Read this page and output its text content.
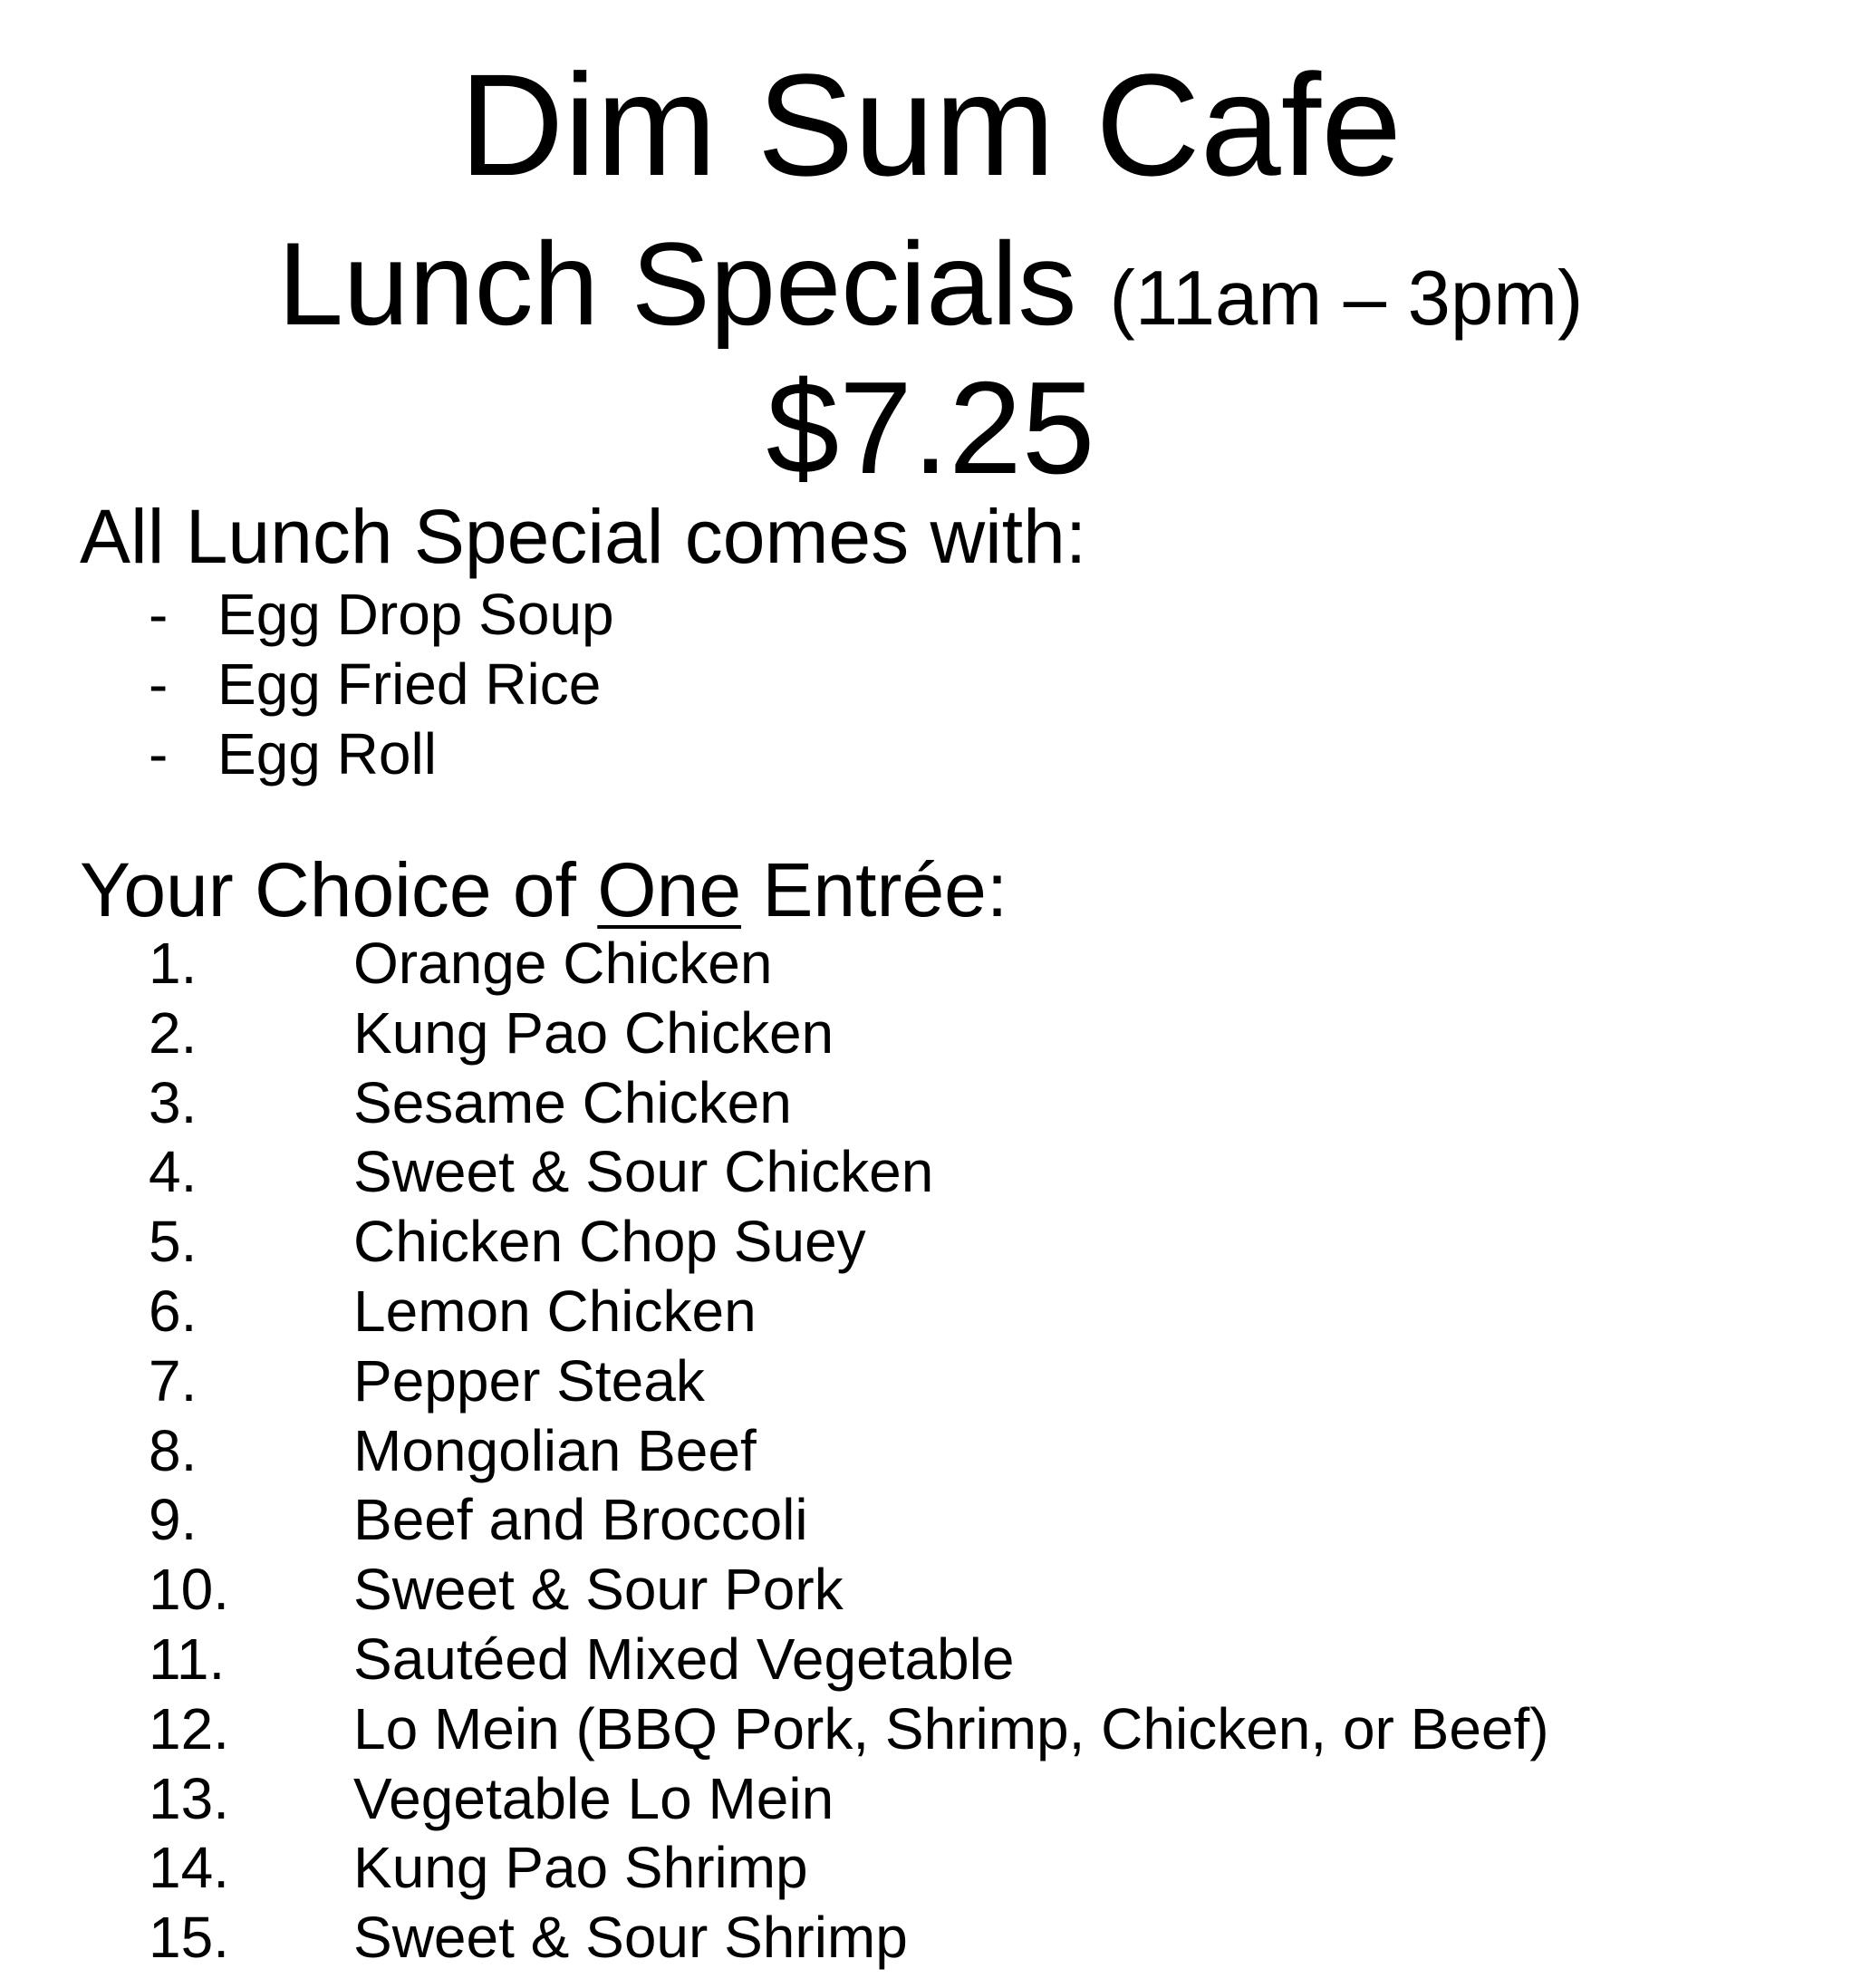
Dim Sum Cafe
Lunch Specials (11am – 3pm)
$7.25
All Lunch Special comes with:
- Egg Drop Soup
- Egg Fried Rice
- Egg Roll
Your Choice of One Entrée:
1.	Orange Chicken
2.	Kung Pao Chicken
3.	Sesame Chicken
4.	Sweet & Sour Chicken
5.	Chicken Chop Suey
6.	Lemon Chicken
7.	Pepper Steak
8.	Mongolian Beef
9.	Beef and Broccoli
10. Sweet & Sour Pork
11. Sautéed Mixed Vegetable
12. Lo Mein (BBQ Pork, Shrimp, Chicken, or Beef)
13. Vegetable Lo Mein
14. Kung Pao Shrimp
15. Sweet & Sour Shrimp
